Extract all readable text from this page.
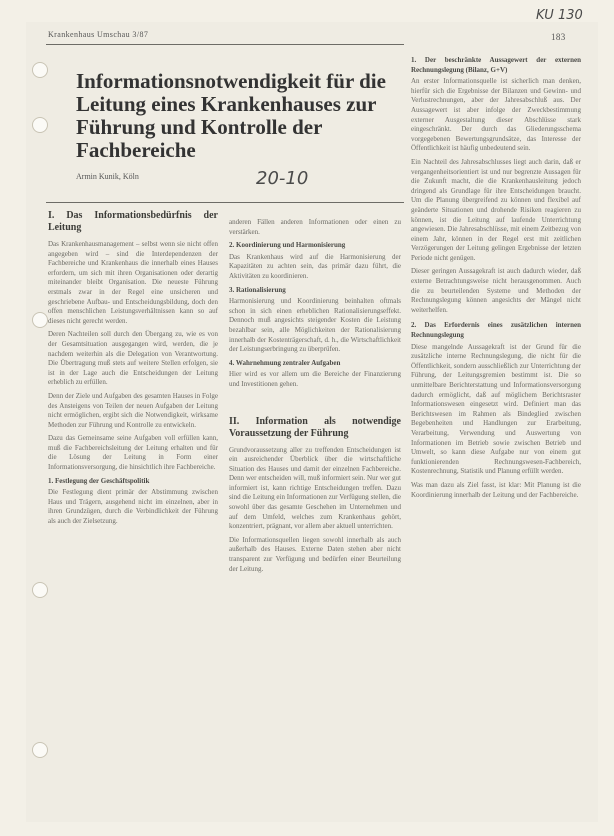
Krankenhaus Umschau 3/87	183
KU 130
Informationsnotwendigkeit für die Leitung eines Krankenhauses zur Führung und Kontrolle der Fachbereiche
Armin Kunik, Köln	20-10
I. Das Informationsbedürfnis der Leitung

Das Krankenhausmanagement – selbst wenn sie nicht offen angegeben wird – sind die Interdependenzen der Fachbereiche und Krankenhaus die innerhalb eines Hauses erfordern, um sich mit ihren Organisationen oder derartig miteinander bleibt Organisation. Die neueste Führung erstmals zwar in der Regel eine unsicheren und geschriebene Aufbau- und Entscheidungsbildung, doch den offen menschlichen Leistungsverhältnissen kann so auf dieses nicht gerecht werden.

Deren Nachteilen soll durch den Übergang zu, wie es von der Gesamtsituation ausgegangen wird, werden, die je nachdem weiterhin als die Delegation von Verantwortung. Die Übertragung muß stets auf weitere Stellen erfolgen, sie ist in der Lage auch die Entscheidungen der Leitung erheblich zu erfüllen.

Denn der Ziele und Aufgaben des gesamten Hauses in Folge des Ansteigens von Teilen der neuen Aufgaben der Leitung nicht ermöglichen, ergibt sich die Notwendigkeit, wirksame Methoden zur Führung und Kontrolle zu entwickeln.

Dazu das Gemeinsame seine Aufgaben voll erfüllen kann, muß die Fachbereichsleitung der Leitung erhalten und für die Lösung der Leitung in Form einer Informationsversorgung, die hinsichtlich ihre Fachbereiche.

1. Festlegung der Geschäftspolitik

Die Festlegung dient primär der Abstimmung zwischen Haus und Trägern, ausgehend nicht im einzelnen, aber in ihren Grundzügen, durch die Verbindlichkeit der Führung als auch der Zielsetzung.

anderen Fällen anderen Informationen oder einen zu verstärken.

2. Koordinierung und Harmonisierung

Das Krankenhaus wird auf die Harmonisierung der Kapazitäten zu achten sein, das primär dazu führt, die Aktivitäten zu koordinieren.

3. Rationalisierung

Harmonisierung und Koordinierung beinhalten oftmals schon in sich einen erheblichen Rationalisierungseffekt. Dennoch muß angesichts steigender Kosten die Leistung bezahlbar sein, alle Möglichkeiten der Rationalisierung innerhalb der Kostenträgerschaft, d. h., die Wirtschaftlichkeit der Leistungserbringung zu überprüfen.

4. Wahrnehmung zentraler Aufgaben

Hier wird es vor allem um die Bereiche der Finanzierung und Investitionen gehen.

II. Information als notwendige Voraussetzung der Führung

Grundvoraussetzung aller zu treffenden Entscheidungen ist ein ausreichender Überblick über die wirtschaftliche Situation des Hauses und damit der einzelnen Fachbereiche. Denn wer entscheiden will, muß informiert sein. Nur wer gut informiert ist, kann richtige Entscheidungen treffen. Dazu sind die Leitung ein Informationen zur Verfügung stellen, die sowohl über das gesamte Geschehen im Unternehmen und auf dem Umfeld, welches zum Krankenhaus gehört, konzentriert, prägnant, vor allem aber aktuell unterrichten.

Die Informationsquellen liegen sowohl innerhalb als auch außerhalb des Hauses. Externe Daten stehen aber nicht transparent zur Verfügung und bedürfen einer Beurteilung der Leitung.

1. Der beschränkte Aussagewert der externen Rechnungslegung (Bilanz, G+V)

An erster Informationsquelle ist sicherlich man denken, hierfür sich die Ergebnisse der Bilanzen und Gewinn- und Verlustrechnungen, aber der Jahresabschluß aus. Der Aussagewert ist aber infolge der Zweckbestimmung externer Ausgestaltung dieser Abschlüsse stark eingeschränkt. Der durch das Gliederungsschema vorgegebenen Bewertungsgrundsätze, das Interesse der Öffentlichkeit ist häufig unbedeutend sein.

Ein Nachteil des Jahresabschlusses liegt auch darin, daß er vergangenheitsorientiert ist und nur begrenzte Aussagen für die Zukunft macht, die die Krankenhausleitung jedoch dringend als Grundlage für ihre Entscheidungen braucht. Um die Planung übergreifend zu können und flexibel auf geänderte Situationen und drohende Risiken reagieren zu können, ist die Leitung auf laufende Unterrichtung angewiesen. Die Jahresabschlüsse, mit einem Zeitbezug von einem Jahr, können in der Regel erst mit zeitlichen Verzögerungen der Leitung gelingen Ergebnisse der letzten Periode nicht genügen.

Dieser geringen Aussagekraft ist auch dadurch wieder, daß externe Betrachtungsweise nicht herausgenommen. Auch die zu beurteilenden Systeme und Methoden der Rechnungslegung können angesichts der Mängel nicht weiterhelfen.

2. Das Erfordernis eines zusätzlichen internen Rechnungslegung

Diese mangelnde Aussagekraft ist der Grund für die zusätzliche interne Rechnungslegung, die nicht für die Öffentlichkeit, sondern ausschließlich zur Unterrichtung der Führung, der Leitungsgremien bestimmt ist. Die so unmittelbare Berichterstattung und Informationsversorgung dadurch ermöglicht, daß auf möglichem Berichtsraster Informationswesen eingesetzt wird. Definiert man das Berichtswesen im Rahmen als Bindeglied zwischen Begebenheiten und Handlungen zur Erarbeitung, Verarbeitung, Verwendung und Auswertung von Informationen im Betrieb sowie zwischen Betrieb und Umwelt, so kann diese Aufgabe nur von einem gut funktionierenden Rechnungswesen-Fachbereich, Kostenrechnung, Statistik und Planung erfüllt werden.

Was man dazu als Ziel fasst, ist klar: Mit Planung ist die Koordinierung innerhalb der Leitung und der Fachbereiche.
